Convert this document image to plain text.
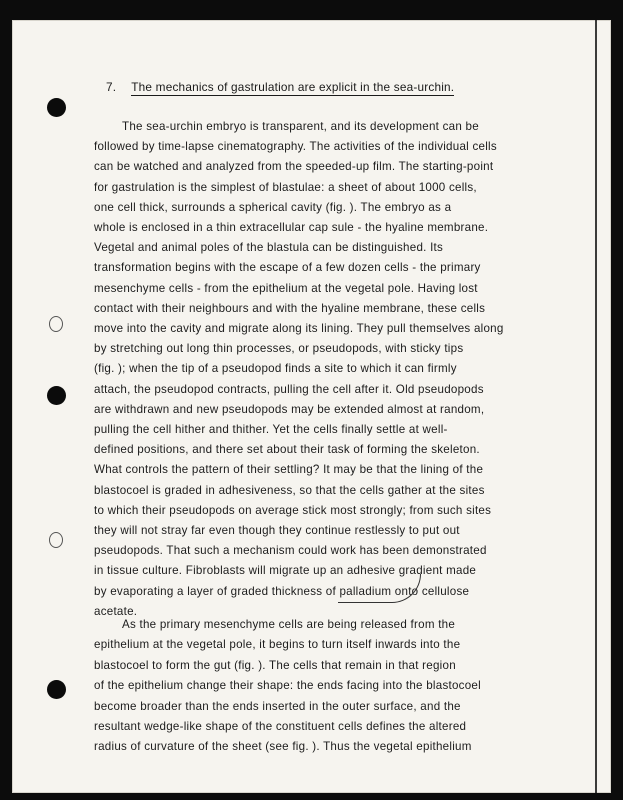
7. The mechanics of gastrulation are explicit in the sea-urchin.
The sea-urchin embryo is transparent, and its development can be
followed by time-lapse cinematography. The activities of the individual cells
can be watched and analyzed from the speeded-up film. The starting-point
for gastrulation is the simplest of blastulae: a sheet of about 1000 cells,
one cell thick, surrounds a spherical cavity (fig. ). The embryo as a
whole is enclosed in a thin extracellular cap sule - the hyaline membrane.
Vegetal and animal poles of the blastula can be distinguished. Its
transformation begins with the escape of a few dozen cells - the primary
mesenchyme cells - from the epithelium at the vegetal pole. Having lost
contact with their neighbours and with the hyaline membrane, these cells
move into the cavity and migrate along its lining. They pull themselves along
by stretching out long thin processes, or pseudopods, with sticky tips
(fig. ); when the tip of a pseudopod finds a site to which it can firmly
attach, the pseudopod contracts, pulling the cell after it. Old pseudopods
are withdrawn and new pseudopods may be extended almost at random,
pulling the cell hither and thither. Yet the cells finally settle at well-
defined positions, and there set about their task of forming the skeleton.
What controls the pattern of their settling? It may be that the lining of the
blastocoel is graded in adhesiveness, so that the cells gather at the sites
to which their pseudopods on average stick most strongly; from such sites
they will not stray far even though they continue restlessly to put out
pseudopods. That such a mechanism could work has been demonstrated
in tissue culture. Fibroblasts will migrate up an adhesive gradient made
by evaporating a layer of graded thickness of palladium onto cellulose
acetate.
As the primary mesenchyme cells are being released from the
epithelium at the vegetal pole, it begins to turn itself inwards into the
blastocoel to form the gut (fig. ). The cells that remain in that region
of the epithelium change their shape: the ends facing into the blastocoel
become broader than the ends inserted in the outer surface, and the
resultant wedge-like shape of the constituent cells defines the altered
radius of curvature of the sheet (see fig. ). Thus the vegetal epithelium
